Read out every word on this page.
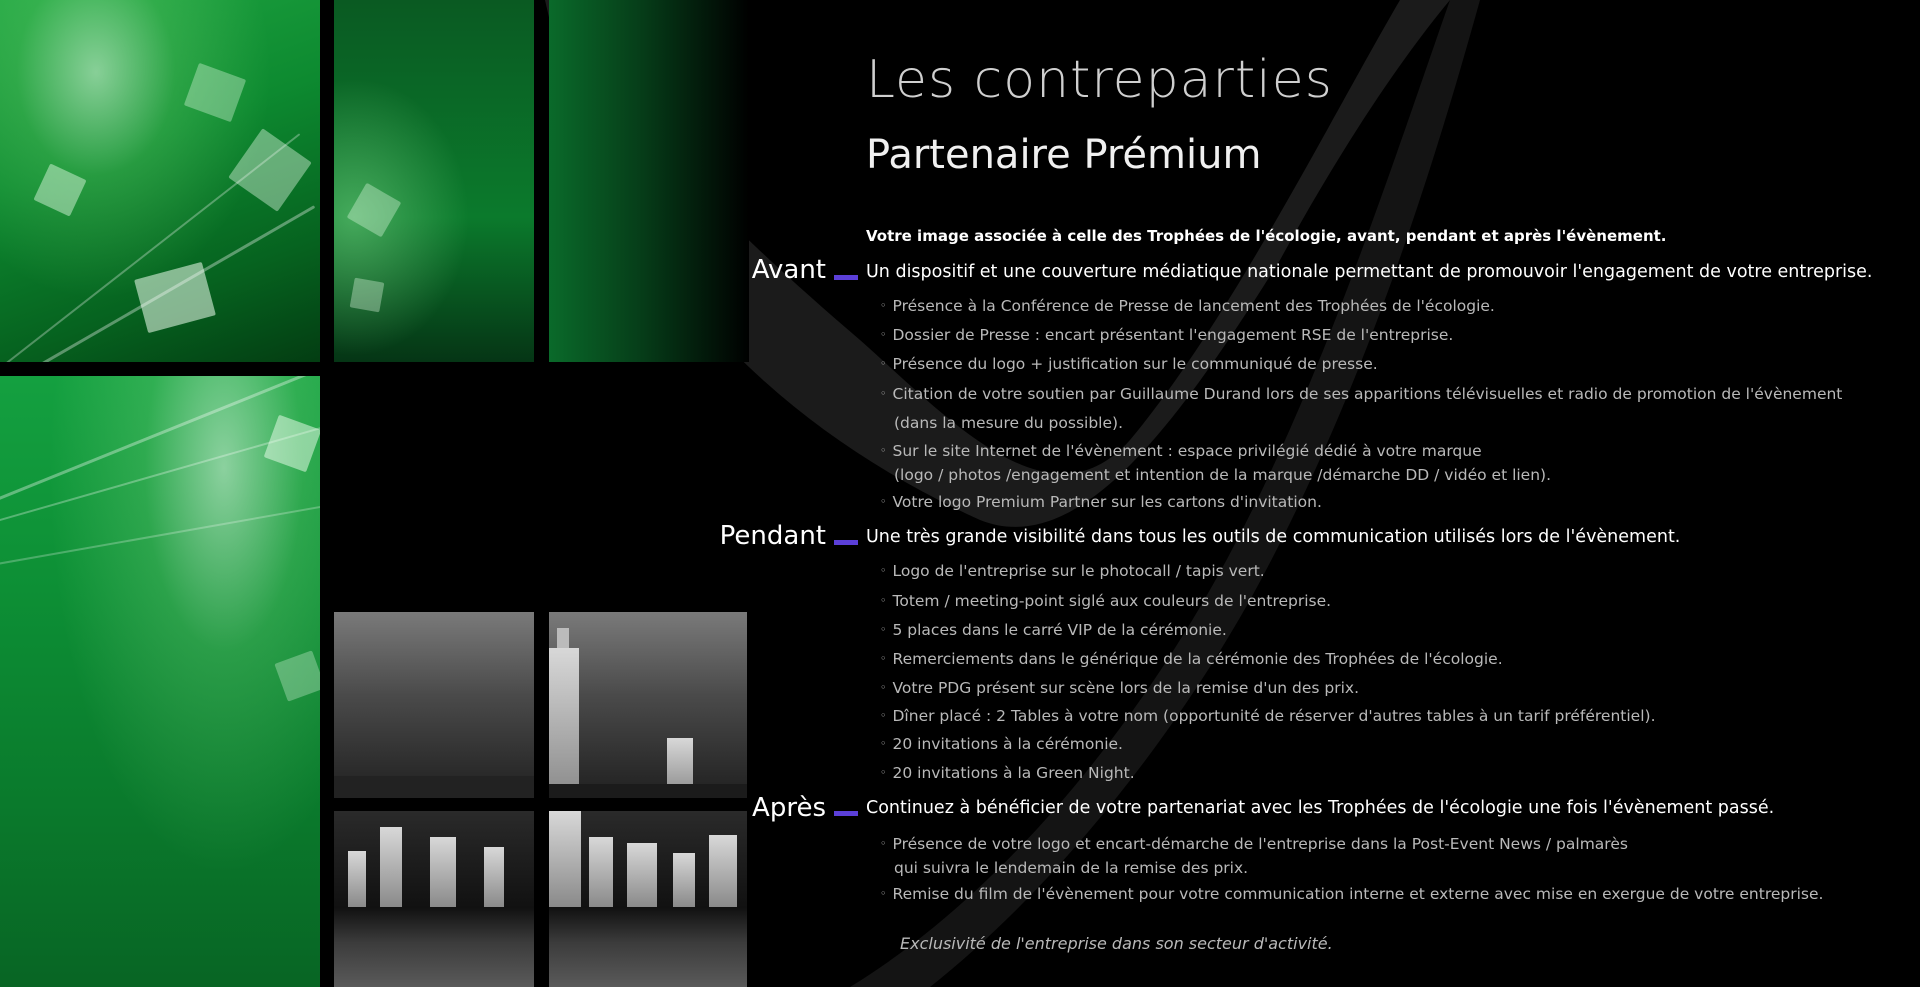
Les contreparties
Partenaire Prémium
Votre image associée à celle des Trophées de l'écologie, avant, pendant et après l'évènement.
Avant Un dispositif et une couverture médiatique nationale permettant de promouvoir l'engagement de votre entreprise.
◦ Présence à la Conférence de Presse de lancement des Trophées de l'écologie.
◦ Dossier de Presse : encart présentant l'engagement RSE de l'entreprise.
◦ Présence du logo + justification sur le communiqué de presse.
◦ Citation de votre soutien par Guillaume Durand lors de ses apparitions télévisuelles et radio de promotion de l'évènement
(dans la mesure du possible).
◦ Sur le site Internet de l'évènement : espace privilégié dédié à votre marque
(logo / photos /engagement et intention de la marque /démarche DD / vidéo et lien).
◦ Votre logo Premium Partner sur les cartons d'invitation.
Pendant Une très grande visibilité dans tous les outils de communication utilisés lors de l'évènement.
◦ Logo de l'entreprise sur le photocall / tapis vert.
◦ Totem / meeting-point siglé aux couleurs de l'entreprise.
◦ 5 places dans le carré VIP de la cérémonie.
◦ Remerciements dans le générique de la cérémonie des Trophées de l'écologie.
◦ Votre PDG présent sur scène lors de la remise d'un des prix.
◦ Dîner placé : 2 Tables à votre nom (opportunité de réserver d'autres tables à un tarif préférentiel).
◦ 20 invitations à la cérémonie.
◦ 20 invitations à la Green Night.
Après Continuez à bénéficier de votre partenariat avec les Trophées de l'écologie une fois l'évènement passé.
◦ Présence de votre logo et encart-démarche de l'entreprise dans la Post-Event News / palmarès
qui suivra le lendemain de la remise des prix.
◦ Remise du film de l'évènement pour votre communication interne et externe avec mise en exergue de votre entreprise.
Exclusivité de l'entreprise dans son secteur d'activité.
